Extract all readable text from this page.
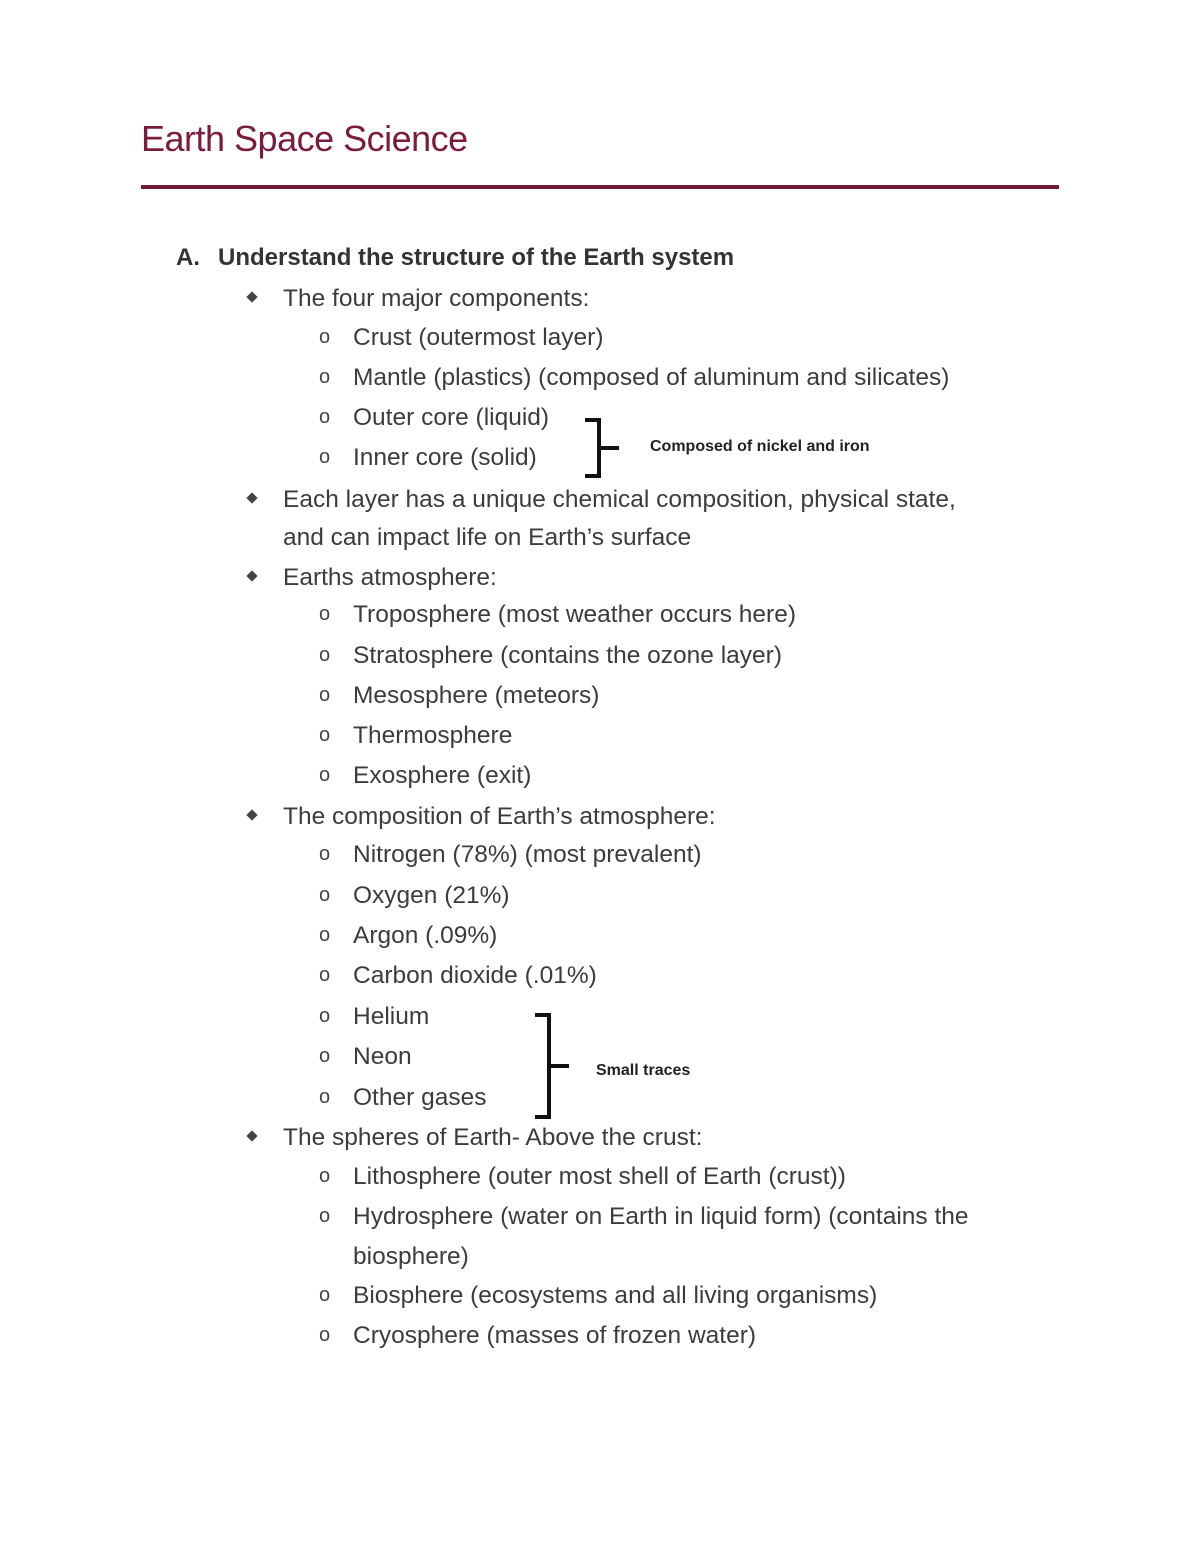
Earth Space Science
A. Understand the structure of the Earth system
The four major components:
o Crust (outermost layer)
o Mantle (plastics) (composed of aluminum and silicates)
o Outer core (liquid)
o Inner core (solid)	Composed of nickel and iron
Each layer has a unique chemical composition, physical state,
and can impact life on Earth’s surface
Earths atmosphere:
o Troposphere (most weather occurs here)
o Stratosphere (contains the ozone layer)
o Mesosphere (meteors)
o Thermosphere
o Exosphere (exit)
The composition of Earth’s atmosphere:
o Nitrogen (78%) (most prevalent)
o Oxygen (21%)
o Argon (.09%)
o Carbon dioxide (.01%)
o Helium
o Neon
o Other gases
Small traces
The spheres of Earth- Above the crust:
o Lithosphere (outer most shell of Earth (crust))
o Hydrosphere (water on Earth in liquid form) (contains the
biosphere)
o Biosphere (ecosystems and all living organisms)
o Cryosphere (masses of frozen water)
